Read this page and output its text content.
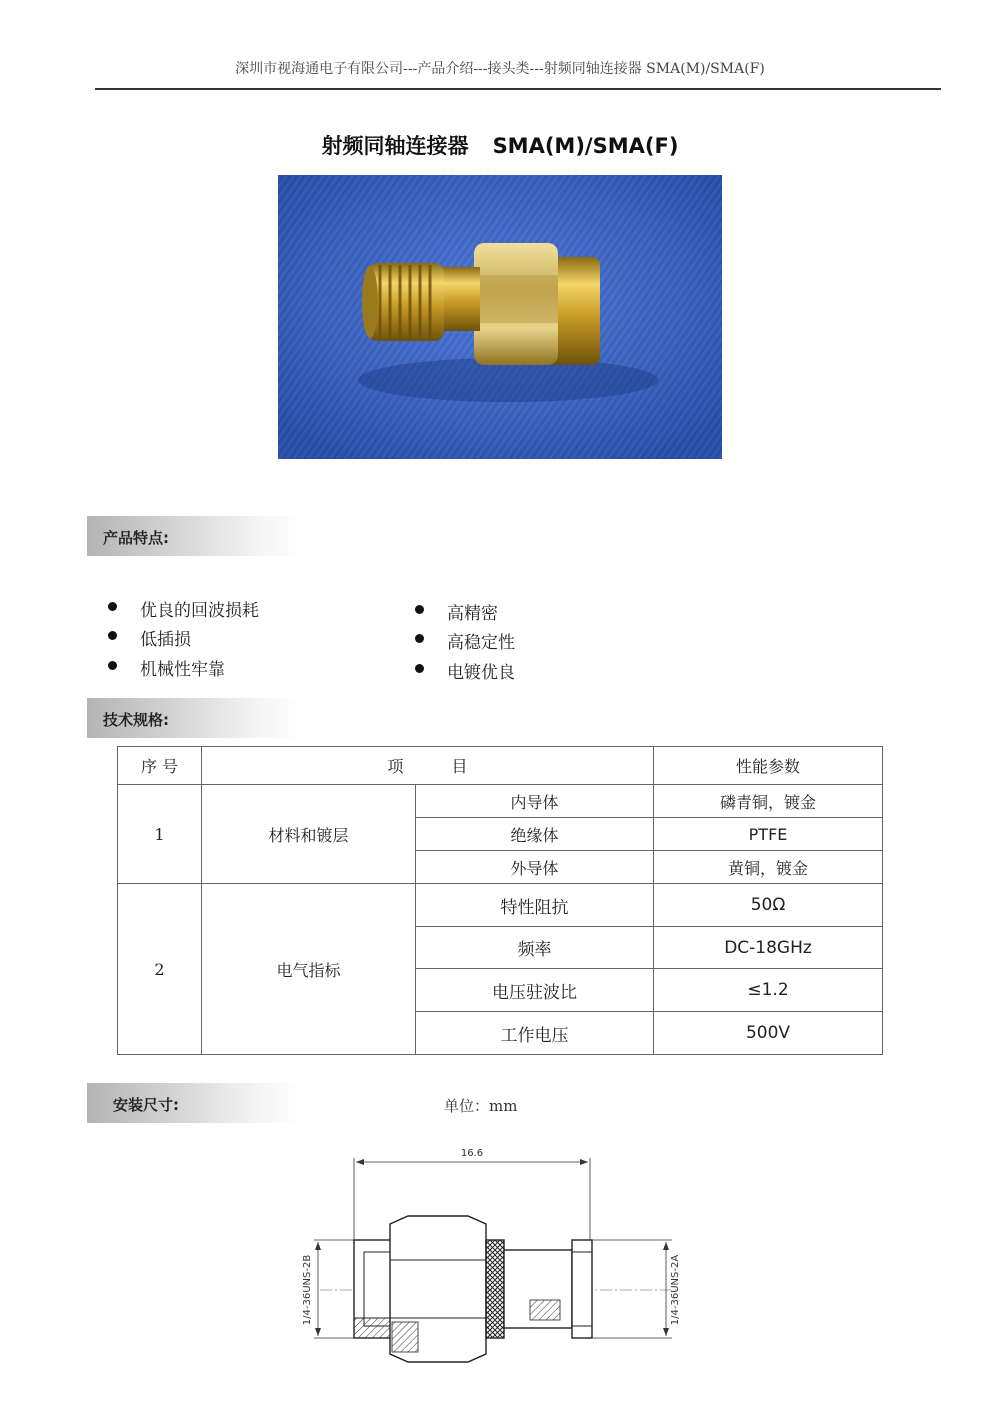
深圳市视海通电子有限公司---产品介绍---接头类---射频同轴连接器 SMA(M)/SMA(F)
射频同轴连接器 SMA(M)/SMA(F)
产品特点:
优良的回波损耗
低插损
机械性牢靠
高精密
高稳定性
电镀优良
技术规格:
序 号	项　　　目		性能参数
1	材料和镀层	内导体	磷青铜，镀金
		绝缘体	PTFE
		外导体	黄铜，镀金
2	电气指标	特性阻抗	50Ω
		频率	DC-18GHz
		电压驻波比	≤1.2
		工作电压	500V
安装尺寸:	单位：mm
16.6
1/4-36UNS-2B	1/4-36UNS-2A
